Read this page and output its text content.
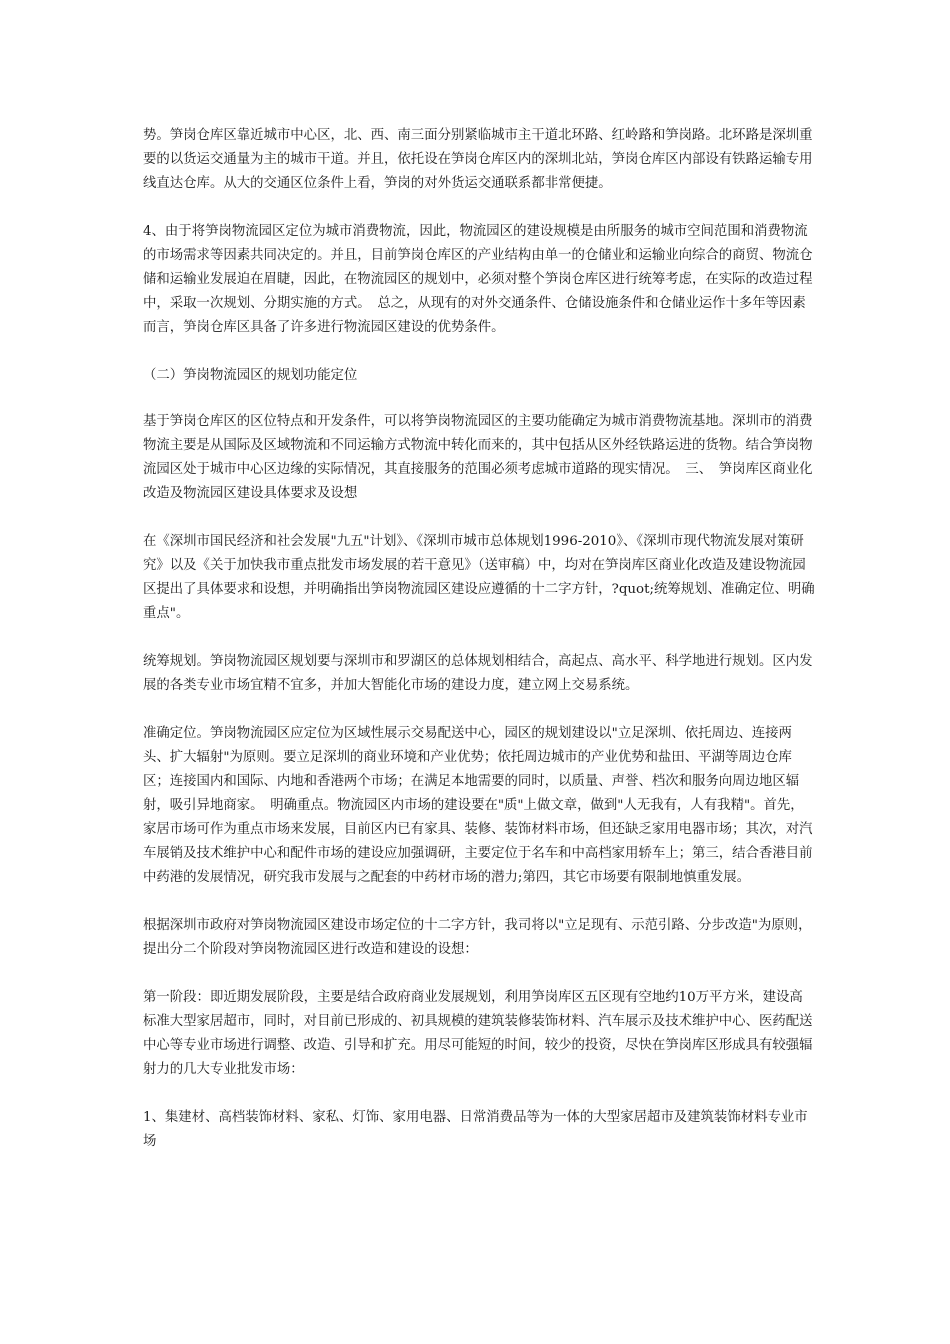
势。笋岗仓库区靠近城市中心区，北、西、南三面分别紧临城市主干道北环路、红岭路和笋岗路。北环路是深圳重要的以货运交通量为主的城市干道。并且，依托设在笋岗仓库区内的深圳北站，笋岗仓库区内部设有铁路运输专用线直达仓库。从大的交通区位条件上看，笋岗的对外货运交通联系都非常便捷。

4、由于将笋岗物流园区定位为城市消费物流，因此，物流园区的建设规模是由所服务的城市空间范围和消费物流的市场需求等因素共同决定的。并且，目前笋岗仓库区的产业结构由单一的仓储业和运输业向综合的商贸、物流仓储和运输业发展迫在眉睫，因此，在物流园区的规划中，必须对整个笋岗仓库区进行统筹考虑，在实际的改造过程中，采取一次规划、分期实施的方式。　总之，从现有的对外交通条件、仓储设施条件和仓储业运作十多年等因素而言，笋岗仓库区具备了许多进行物流园区建设的优势条件。

（二）笋岗物流园区的规划功能定位

基于笋岗仓库区的区位特点和开发条件，可以将笋岗物流园区的主要功能确定为城市消费物流基地。深圳市的消费物流主要是从国际及区域物流和不同运输方式物流中转化而来的，其中包括从区外经铁路运进的货物。结合笋岗物流园区处于城市中心区边缘的实际情况，其直接服务的范围必须考虑城市道路的现实情况。　三、　笋岗库区商业化改造及物流园区建设具体要求及设想

在《深圳市国民经济和社会发展"九五"计划》、《深圳市城市总体规划1996-2010》、《深圳市现代物流发展对策研究》以及《关于加快我市重点批发市场发展的若干意见》（送审稿）中，均对在笋岗库区商业化改造及建设物流园区提出了具体要求和设想，并明确指出笋岗物流园区建设应遵循的十二字方针，?quot;统筹规划、准确定位、明确重点"。

统筹规划。笋岗物流园区规划要与深圳市和罗湖区的总体规划相结合，高起点、高水平、科学地进行规划。区内发展的各类专业市场宜精不宜多，并加大智能化市场的建设力度，建立网上交易系统。

准确定位。笋岗物流园区应定位为区域性展示交易配送中心，园区的规划建设以"立足深圳、依托周边、连接两头、扩大辐射"为原则。要立足深圳的商业环境和产业优势；依托周边城市的产业优势和盐田、平湖等周边仓库区；连接国内和国际、内地和香港两个市场；在满足本地需要的同时，以质量、声誉、档次和服务向周边地区辐射，吸引异地商家。　明确重点。物流园区内市场的建设要在"质"上做文章，做到"人无我有，人有我精"。首先，家居市场可作为重点市场来发展，目前区内已有家具、装修、装饰材料市场，但还缺乏家用电器市场；其次，对汽车展销及技术维护中心和配件市场的建设应加强调研，主要定位于名车和中高档家用轿车上；第三，结合香港目前中药港的发展情况，研究我市发展与之配套的中药材市场的潜力;第四，其它市场要有限制地慎重发展。

根据深圳市政府对笋岗物流园区建设市场定位的十二字方针，我司将以"立足现有、示范引路、分步改造"为原则，提出分二个阶段对笋岗物流园区进行改造和建设的设想：

第一阶段：即近期发展阶段，主要是结合政府商业发展规划，利用笋岗库区五区现有空地约10万平方米，建设高标准大型家居超市，同时，对目前已形成的、初具规模的建筑装修装饰材料、汽车展示及技术维护中心、医药配送中心等专业市场进行调整、改造、引导和扩充。用尽可能短的时间，较少的投资，尽快在笋岗库区形成具有较强辐射力的几大专业批发市场：

1、集建材、高档装饰材料、家私、灯饰、家用电器、日常消费品等为一体的大型家居超市及建筑装饰材料专业市场
